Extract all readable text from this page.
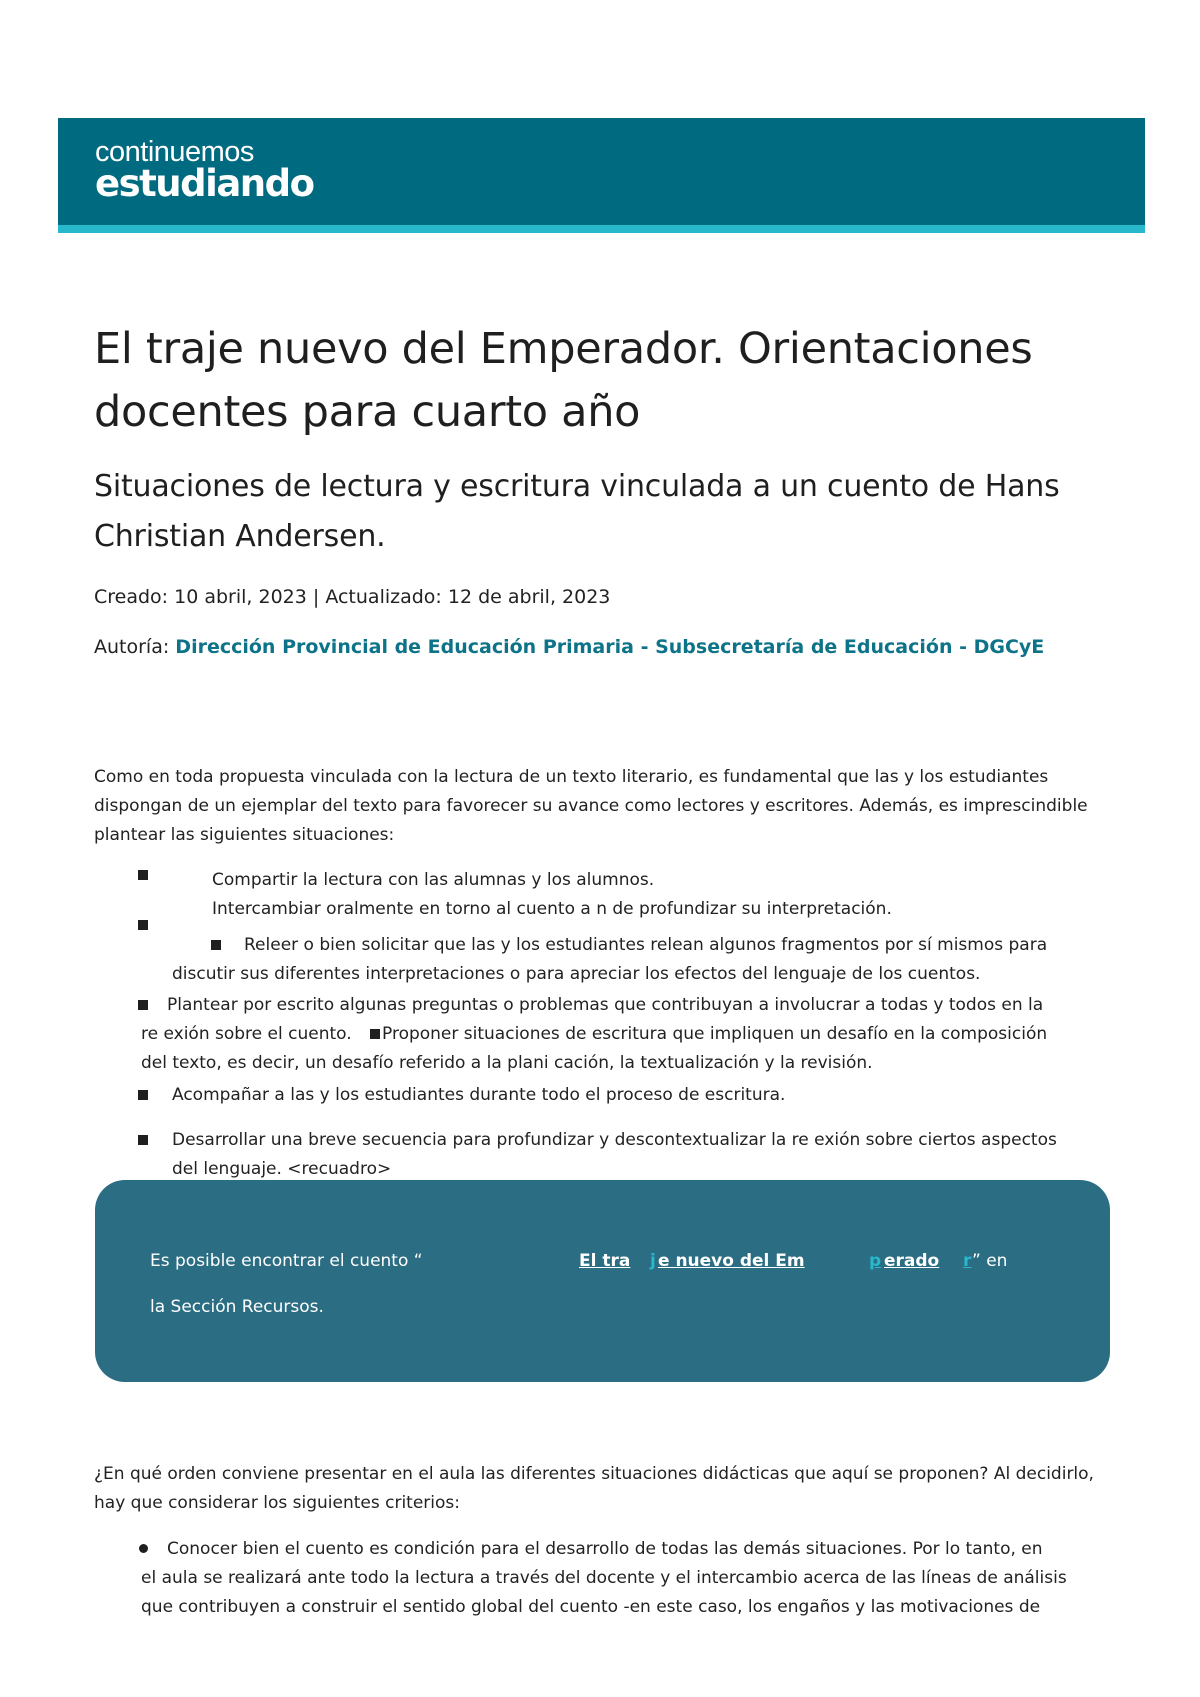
continuemos
estudiando
El traje nuevo del Emperador. Orientaciones docentes para cuarto año
Situaciones de lectura y escritura vinculada a un cuento de Hans Christian Andersen.
Creado: 10 abril, 2023 | Actualizado: 12 de abril, 2023
Autoría: Dirección Provincial de Educación Primaria - Subsecretaría de Educación - DGCyE

Como en toda propuesta vinculada con la lectura de un texto literario, es fundamental que las y los estudiantes dispongan de un ejemplar del texto para favorecer su avance como lectores y escritores. Además, es imprescindible plantear las siguientes situaciones:

Compartir la lectura con las alumnas y los alumnos.
Intercambiar oralmente en torno al cuento a n de profundizar su interpretación.
Releer o bien solicitar que las y los estudiantes relean algunos fragmentos por sí mismos para
discutir sus diferentes interpretaciones o para apreciar los efectos del lenguaje de los cuentos.
Plantear por escrito algunas preguntas o problemas que contribuyan a involucrar a todas y todos en la
re exión sobre el cuento. Proponer situaciones de escritura que impliquen un desafío en la composición
del texto, es decir, un desafío referido a la plani cación, la textualización y la revisión.
Acompañar a las y los estudiantes durante todo el proceso de escritura.
Desarrollar una breve secuencia para profundizar y descontextualizar la re exión sobre ciertos aspectos
del lenguaje. <recuadro>
Es posible encontrar el cuento “	El tra j e nuevo del Em	p erado r ” en
la Sección Recursos.

¿En qué orden conviene presentar en el aula las diferentes situaciones didácticas que aquí se proponen? Al decidirlo, hay que considerar los siguientes criterios:

Conocer bien el cuento es condición para el desarrollo de todas las demás situaciones. Por lo tanto, en
el aula se realizará ante todo la lectura a través del docente y el intercambio acerca de las líneas de análisis
que contribuyen a construir el sentido global del cuento -en este caso, los engaños y las motivaciones de
